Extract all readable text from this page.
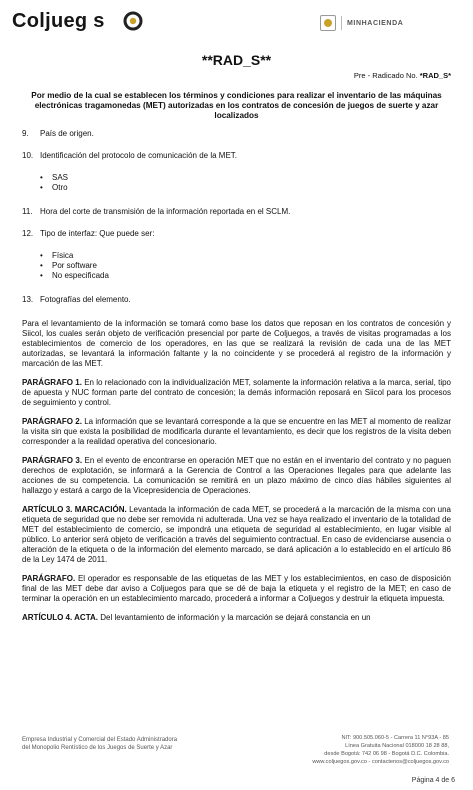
Coljueg s	MINHACIENDA
**RAD_S**
Pre - Radicado No. *RAD_S*
Por medio de la cual se establecen los términos y condiciones para realizar el inventario de las máquinas electrónicas tragamonedas (MET) autorizadas en los contratos de concesión de juegos de suerte y azar localizados
9. País de origen.
10. Identificación del protocolo de comunicación de la MET.
• SAS
• Otro
11. Hora del corte de transmisión de la información reportada en el SCLM.
12. Tipo de interfaz: Que puede ser:
• Física
• Por software
• No especificada
13. Fotografías del elemento.
Para el levantamiento de la información se tomará como base los datos que reposan en los contratos de concesión y Siicol, los cuales serán objeto de verificación presencial por parte de Coljuegos, a través de visitas programadas a los establecimientos de comercio de los operadores, en las que se realizará la revisión de cada una de las MET autorizadas, se levantará la información faltante y la no coincidente y se procederá al registro de la información y marcación de las MET.
PARÁGRAFO 1. En lo relacionado con la individualización MET, solamente la información relativa a la marca, serial, tipo de apuesta y NUC forman parte del contrato de concesión; la demás información reposará en Siicol para los procesos de seguimiento y control.
PARÁGRAFO 2. La información que se levantará corresponde a la que se encuentre en las MET al momento de realizar la visita sin que exista la posibilidad de modificarla durante el levantamiento, es decir que los registros de la visita deben corresponder a la realidad operativa del concesionario.
PARÁGRAFO 3. En el evento de encontrarse en operación MET que no están en el inventario del contrato y no paguen derechos de explotación, se informará a la Gerencia de Control a las Operaciones Ilegales para que adelante las acciones de su competencia. La comunicación se remitirá en un plazo máximo de cinco días hábiles siguientes al hallazgo y estará a cargo de la Vicepresidencia de Operaciones.
ARTÍCULO 3. MARCACIÓN. Levantada la información de cada MET, se procederá a la marcación de la misma con una etiqueta de seguridad que no debe ser removida ni adulterada. Una vez se haya realizado el inventario de la totalidad de MET del establecimiento de comercio, se impondrá una etiqueta de seguridad al establecimiento, en lugar visible al público. Lo anterior será objeto de verificación a través del seguimiento contractual. En caso de evidenciarse ausencia o alteración de la etiqueta o de la información del elemento marcado, se dará aplicación a lo establecido en el artículo 86 de la Ley 1474 de 2011.
PARÁGRAFO. El operador es responsable de las etiquetas de las MET y los establecimientos, en caso de disposición final de las MET debe dar aviso a Coljuegos para que se dé de baja la etiqueta y el registro de la MET; en caso de terminar la operación en un establecimiento marcado, procederá a informar a Coljuegos y destruir la etiqueta impuesta.
ARTÍCULO 4. ACTA. Del levantamiento de información y la marcación se dejará constancia en un
Empresa Industrial y Comercial del Estado Administradora
del Monopolio Rentístico de los Juegos de Suerte y Azar
NIT: 900.505.060-5 - Carrera 11 N°93A - 85
Línea Gratuita Nacional 018000 18 28 88,
desde Bogotá: 742 06 98 - Bogotá D.C. Colombia.
www.coljuegos.gov.co - contactenos@coljuegos.gov.co
Página 4 de 6
